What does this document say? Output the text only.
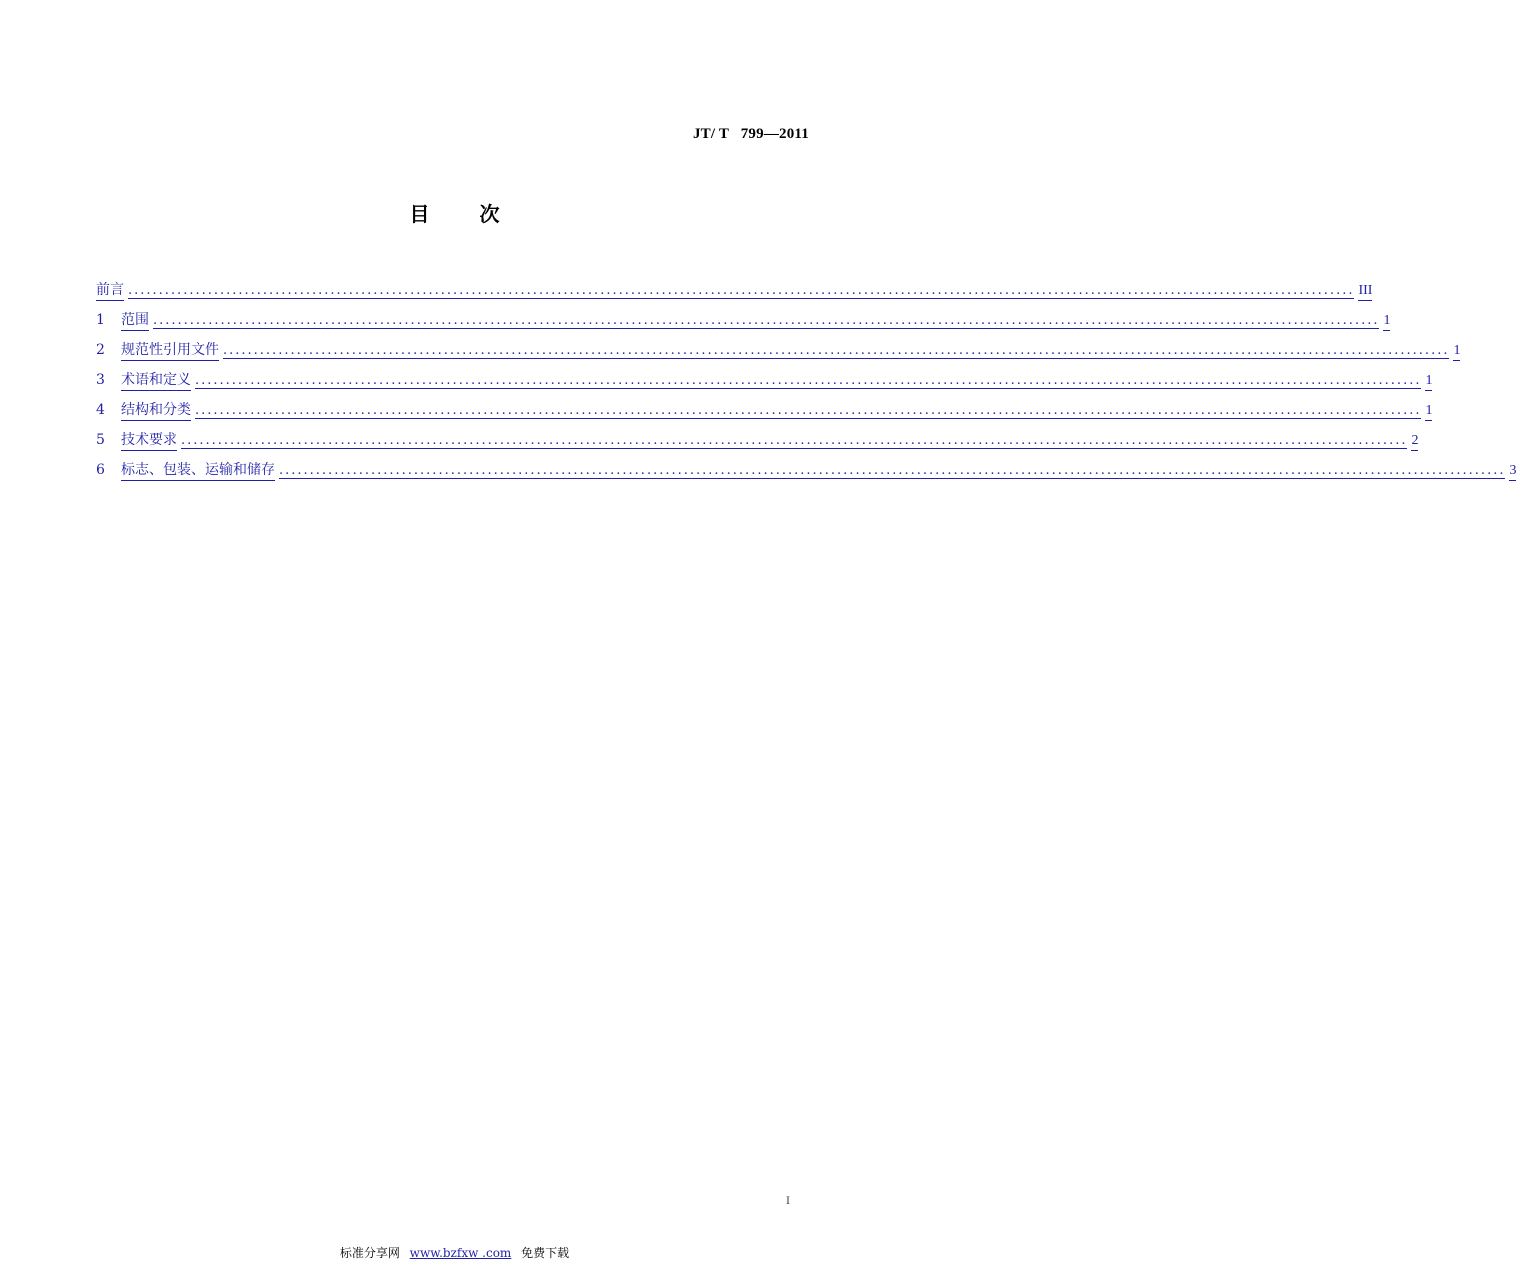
JT/ T   799—2011
目次
前言 ........................................................................................................................................................................................................ III
1	范围 ........................................................................................................................................................................................................ 1
2	规范性引用文件 ........................................................................................................................................................................................................ 1
3	术语和定义 ........................................................................................................................................................................................................ 1
4	结构和分类 ........................................................................................................................................................................................................ 1
5	技术要求 ........................................................................................................................................................................................................ 2
6	标志、包装、运输和储存 ........................................................................................................................................................................................................ 3
I
标准分享网 www.bzfxw .com 免费下载
